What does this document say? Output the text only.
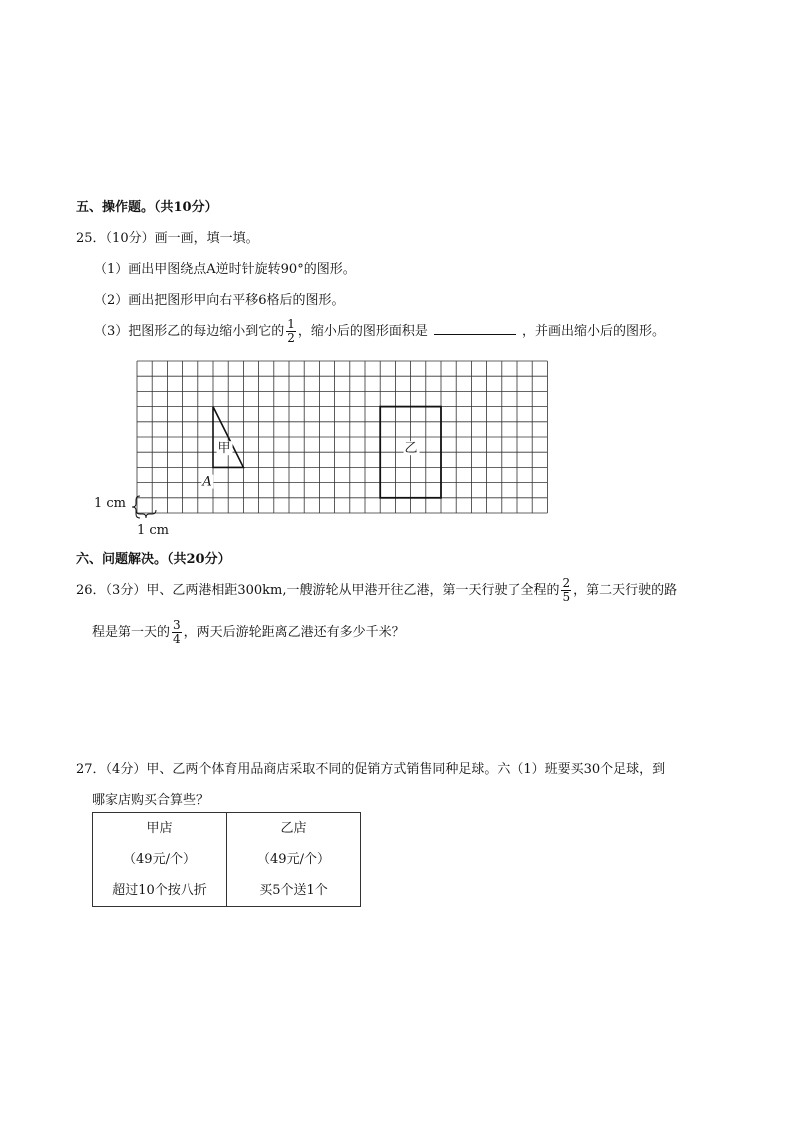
五、操作题。（共10分）
25．（10分）画一画，填一填。
（1）画出甲图绕点A逆时针旋转90°的图形。
（2）画出把图形甲向右平移6格后的图形。
（3）把图形乙的每边缩小到它的 $\frac{1}{2}$ ，缩小后的图形面积是	，并画出缩小后的图形。
甲
A
乙
1 cm
1 cm
六、问题解决。（共20分）
26．（3分）甲、乙两港相距300km,一艘游轮从甲港开往乙港，第一天行驶了全程的 $\frac{2}{5}$ ，第二天行驶的路
程是第一天的 $\frac{3}{4}$ ，两天后游轮距离乙港还有多少千米？
27．（4分）甲、乙两个体育用品商店采取不同的促销方式销售同种足球。六（1）班要买30个足球，到
哪家店购买合算些？
甲店
（49元/个）
超过10个按八折

乙店
（49元/个）
买5个送1个
